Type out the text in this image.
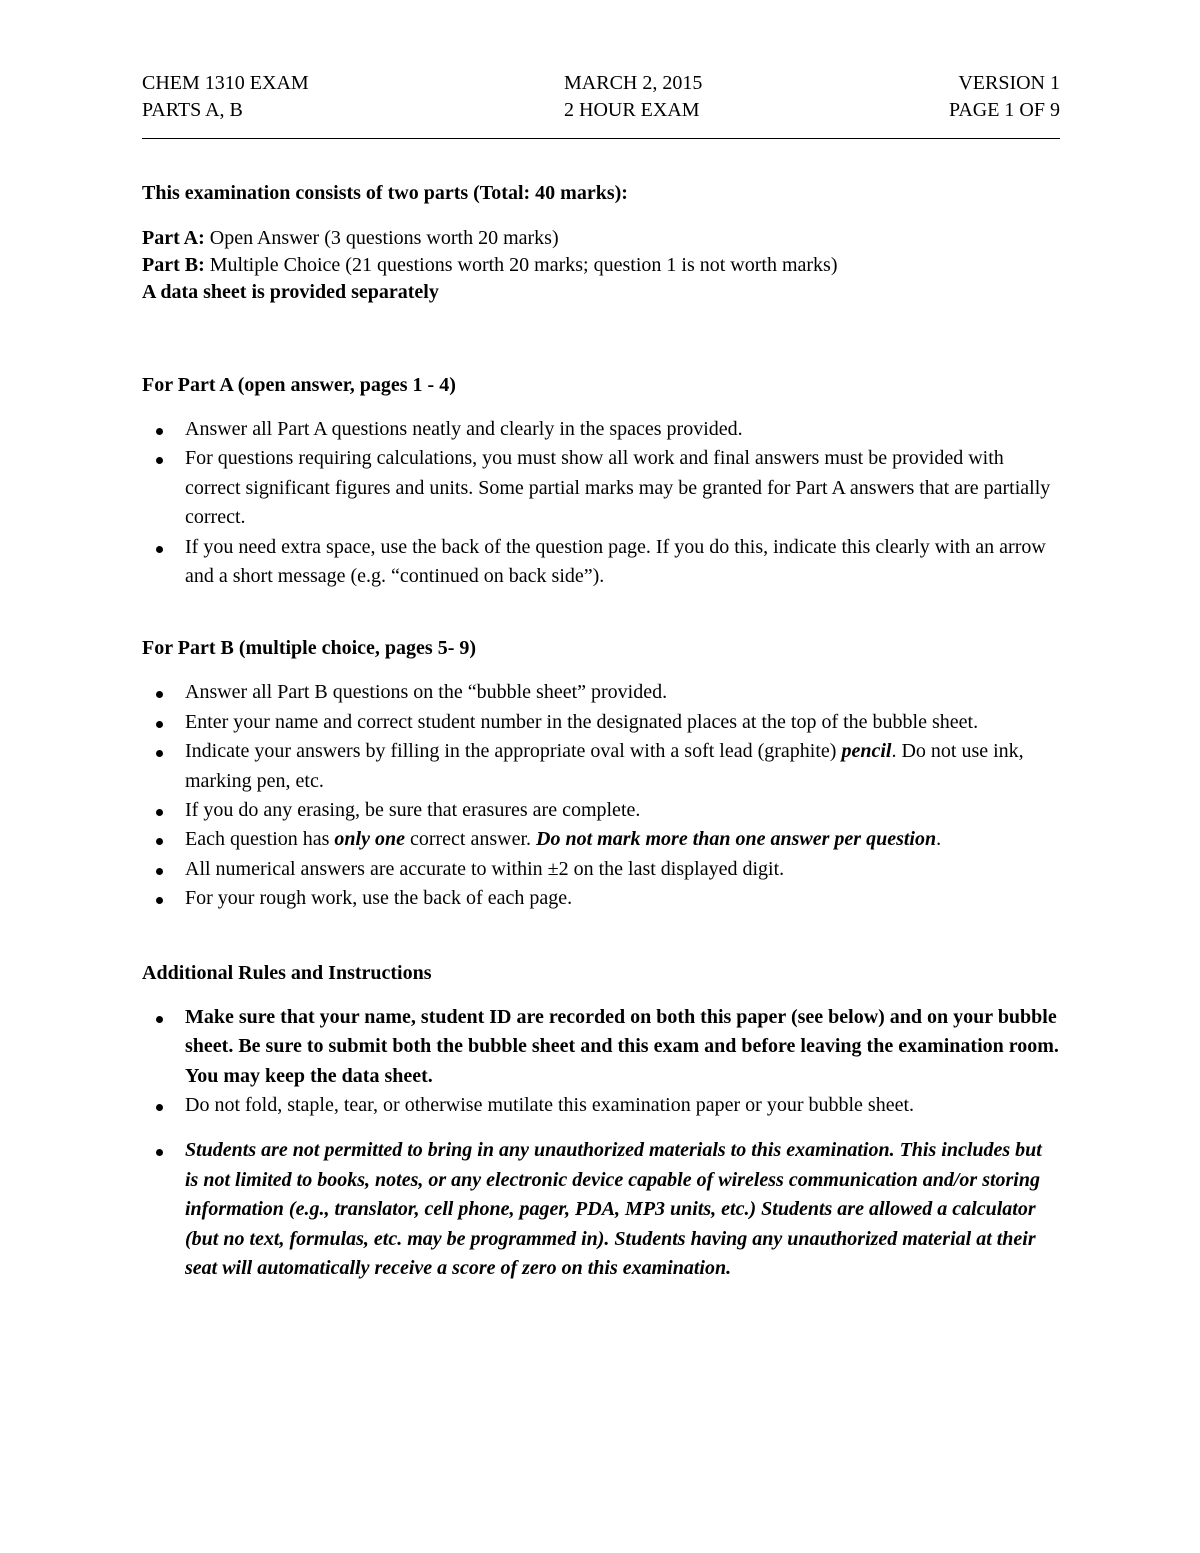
CHEM 1310 EXAM
PARTS A, B
MARCH 2, 2015
2 HOUR EXAM
VERSION 1
PAGE 1 OF 9
This examination consists of two parts (Total: 40 marks):
Part A: Open Answer (3 questions worth 20 marks)
Part B: Multiple Choice (21 questions worth 20 marks; question 1 is not worth marks)
A data sheet is provided separately
For Part A (open answer, pages 1 - 4)
Answer all Part A questions neatly and clearly in the spaces provided.
For questions requiring calculations, you must show all work and final answers must be provided with correct significant figures and units. Some partial marks may be granted for Part A answers that are partially correct.
If you need extra space, use the back of the question page. If you do this, indicate this clearly with an arrow and a short message (e.g. “continued on back side”).
For Part B (multiple choice, pages 5- 9)
Answer all Part B questions on the “bubble sheet” provided.
Enter your name and correct student number in the designated places at the top of the bubble sheet.
Indicate your answers by filling in the appropriate oval with a soft lead (graphite) pencil. Do not use ink, marking pen, etc.
If you do any erasing, be sure that erasures are complete.
Each question has only one correct answer. Do not mark more than one answer per question.
All numerical answers are accurate to within ±2 on the last displayed digit.
For your rough work, use the back of each page.
Additional Rules and Instructions
Make sure that your name, student ID are recorded on both this paper (see below) and on your bubble sheet. Be sure to submit both the bubble sheet and this exam and before leaving the examination room. You may keep the data sheet.
Do not fold, staple, tear, or otherwise mutilate this examination paper or your bubble sheet.
Students are not permitted to bring in any unauthorized materials to this examination. This includes but is not limited to books, notes, or any electronic device capable of wireless communication and/or storing information (e.g., translator, cell phone, pager, PDA, MP3 units, etc.) Students are allowed a calculator (but no text, formulas, etc. may be programmed in). Students having any unauthorized material at their seat will automatically receive a score of zero on this examination.
